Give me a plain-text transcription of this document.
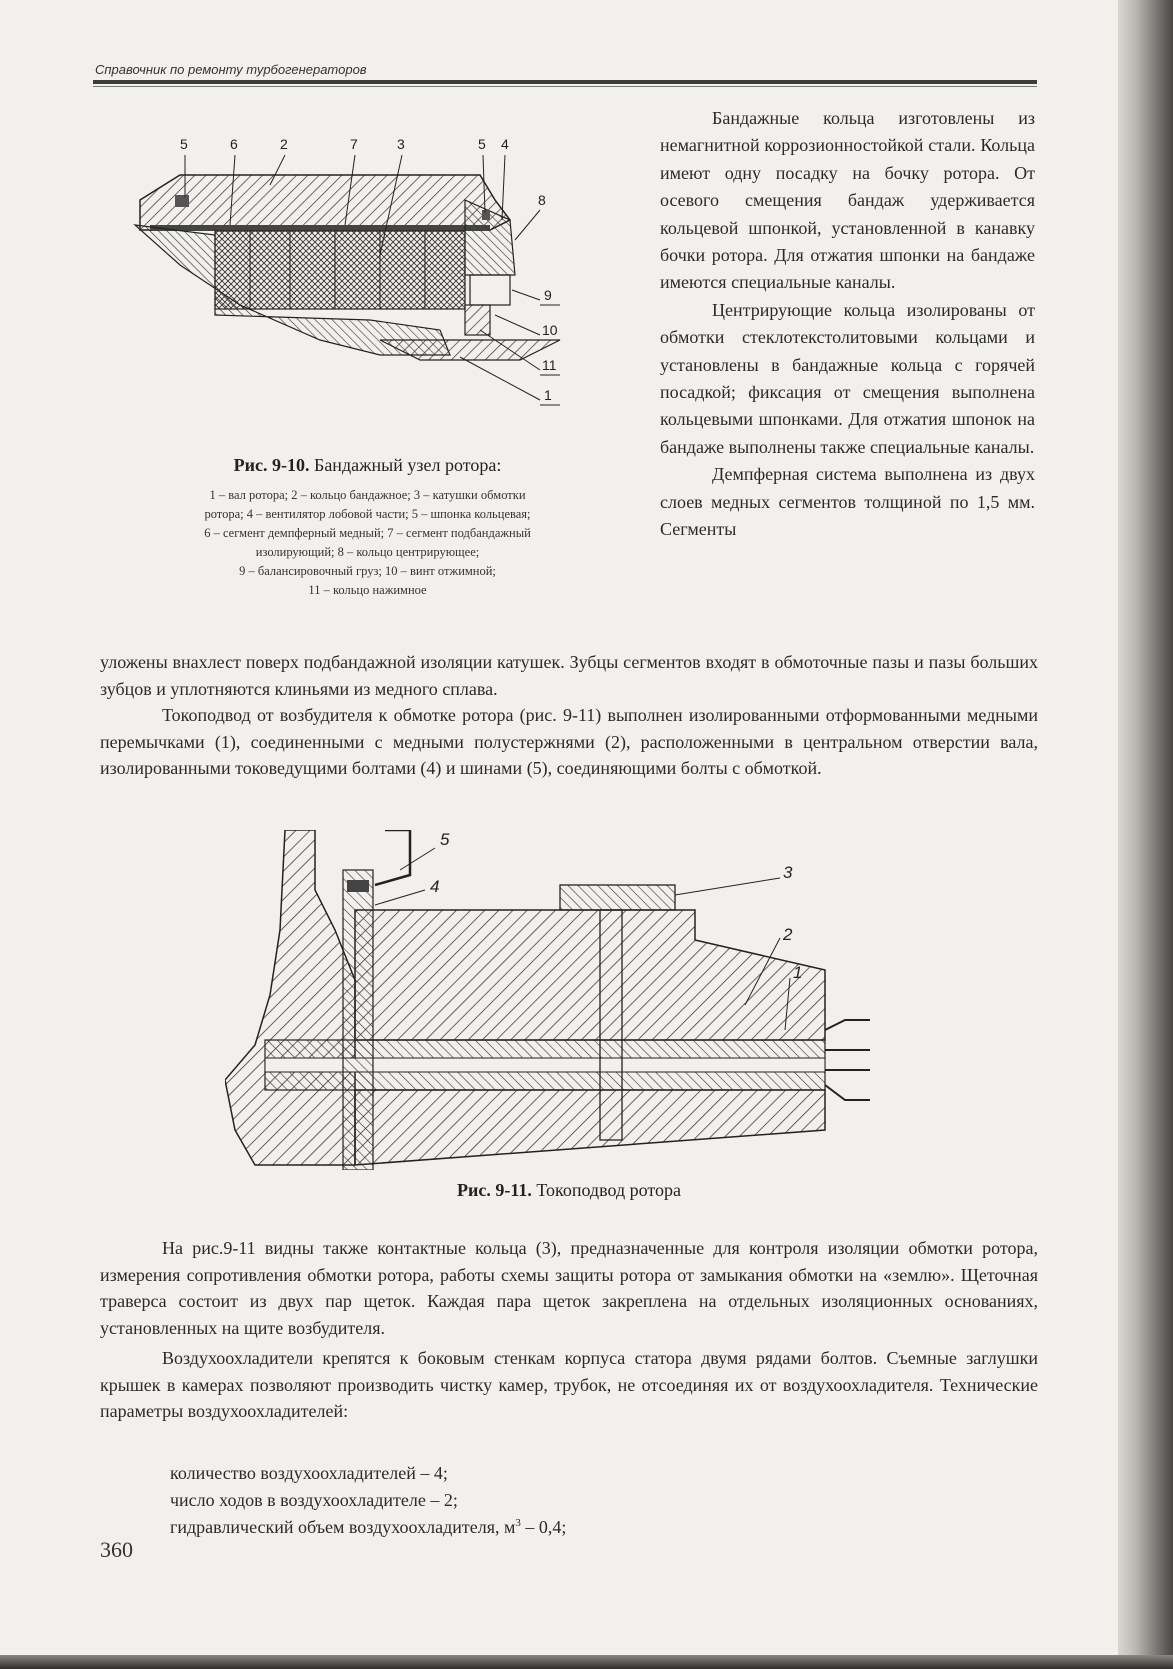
Справочник по ремонту турбогенераторов
5	6	2	7	3	5 4
8
9
10
11
1
Рис. 9-10. Бандажный узел ротора:
1 – вал ротора; 2 – кольцо бандажное; 3 – катушки обмотки
ротора; 4 – вентилятор лобовой части; 5 – шпонка кольцевая;
6 – сегмент демпферный медный; 7 – сегмент подбандажный
изолирующий; 8 – кольцо центрирующее;
9 – балансировочный груз; 10 – винт отжимной;
11 – кольцо нажимное

Бандажные кольца изготовлены из немагнитной коррозионностойкой стали. Кольца имеют одну посадку на бочку ротора. От осевого смещения бандаж удерживается кольцевой шпонкой, установленной в канавку бочки ротора. Для отжатия шпонки на бандаже имеются специальные каналы.

Центрирующие кольца изолированы от обмотки стеклотекстолитовыми кольцами и установлены в бандажные кольца с горячей посадкой; фиксация от смещения выполнена кольцевыми шпонками. Для отжатия шпонок на бандаже выполнены также специальные каналы.

Демпферная система выполнена из двух слоев медных сегментов толщиной по 1,5 мм. Сегменты

уложены внахлест поверх подбандажной изоляции катушек. Зубцы сегментов входят в обмоточные пазы и пазы больших зубцов и уплотняются клиньями из медного сплава.

Токоподвод от возбудителя к обмотке ротора (рис. 9-11) выполнен изолированными отформованными медными перемычками (1), соединенными с медными полустержнями (2), расположенными в центральном отверстии вала, изолированными токоведущими болтами (4) и шинами (5), соединяющими болты с обмоткой.

5
4
3
2
1
Рис. 9-11. Токоподвод ротора

На рис.9-11 видны также контактные кольца (3), предназначенные для контроля изоляции обмотки ротора, измерения сопротивления обмотки ротора, работы схемы защиты ротора от замыкания обмотки на «землю». Щеточная траверса состоит из двух пар щеток. Каждая пара щеток закреплена на отдельных изоляционных основаниях, установленных на щите возбудителя.

Воздухоохладители крепятся к боковым стенкам корпуса статора двумя рядами болтов. Съемные заглушки крышек в камерах позволяют производить чистку камер, трубок, не отсоединяя их от воздухоохладителя. Технические параметры воздухоохладителей:

количество воздухоохладителей – 4;
число ходов в воздухоохладителе – 2;
гидравлический объем воздухоохладителя, $м^3 - 0,4$;
360
